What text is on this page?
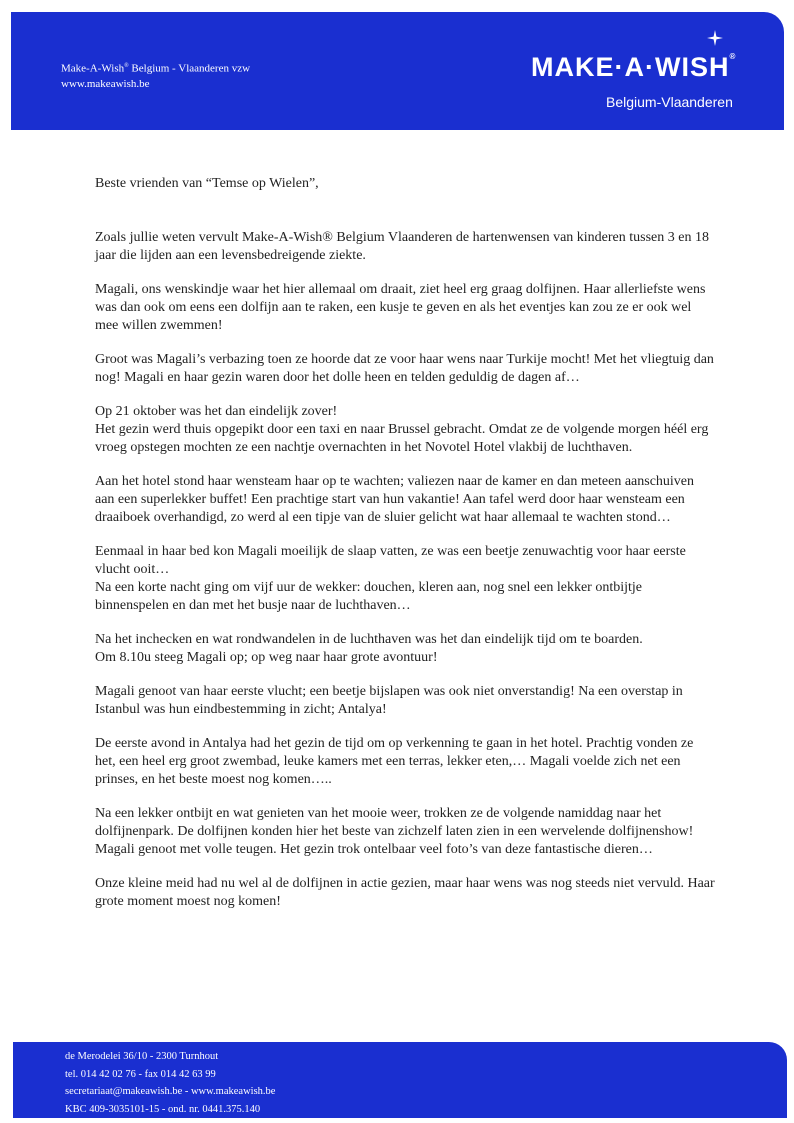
Make-A-Wish® Belgium - Vlaanderen vzw
www.makeawish.be
MAKE·A·WISH®
Belgium-Vlaanderen

Beste vrienden van “Temse op Wielen”,

Zoals jullie weten vervult Make-A-Wish® Belgium Vlaanderen de hartenwensen van kinderen tussen 3 en 18 jaar die lijden aan een levensbedreigende ziekte.

Magali, ons wenskindje waar het hier allemaal om draait, ziet heel erg graag dolfijnen. Haar allerliefste wens was dan ook om eens een dolfijn aan te raken, een kusje te geven en als het eventjes kan zou ze er ook wel mee willen zwemmen!

Groot was Magali’s verbazing toen ze hoorde dat ze voor haar wens naar Turkije mocht! Met het vliegtuig dan nog! Magali en haar gezin waren door het dolle heen en telden geduldig de dagen af…

Op 21 oktober was het dan eindelijk zover!
Het gezin werd thuis opgepikt door een taxi en naar Brussel gebracht. Omdat ze de volgende morgen héél erg vroeg opstegen mochten ze een nachtje overnachten in het Novotel Hotel vlakbij de luchthaven.

Aan het hotel stond haar wensteam haar op te wachten; valiezen naar de kamer en dan meteen aanschuiven aan een superlekker buffet! Een prachtige start van hun vakantie! Aan tafel werd door haar wensteam een draaiboek overhandigd, zo werd al een tipje van de sluier gelicht wat haar allemaal te wachten stond…

Eenmaal in haar bed kon Magali moeilijk de slaap vatten, ze was een beetje zenuwachtig voor haar eerste vlucht ooit…
Na een korte nacht ging om vijf uur de wekker: douchen, kleren aan, nog snel een lekker ontbijtje binnenspelen en dan met het busje naar de luchthaven…

Na het inchecken en wat rondwandelen in de luchthaven was het dan eindelijk tijd om te boarden.
Om 8.10u steeg Magali op; op weg naar haar grote avontuur!

Magali genoot van haar eerste vlucht; een beetje bijslapen was ook niet onverstandig! Na een overstap in Istanbul was hun eindbestemming in zicht; Antalya!

De eerste avond in Antalya had het gezin de tijd om op verkenning te gaan in het hotel. Prachtig vonden ze het, een heel erg groot zwembad, leuke kamers met een terras, lekker eten,… Magali voelde zich net een prinses, en het beste moest nog komen…..

Na een lekker ontbijt en wat genieten van het mooie weer, trokken ze de volgende namiddag naar het dolfijnenpark. De dolfijnen konden hier het beste van zichzelf laten zien in een wervelende dolfijnenshow! Magali genoot met volle teugen. Het gezin trok ontelbaar veel foto’s van deze fantastische dieren…

Onze kleine meid had nu wel al de dolfijnen in actie gezien, maar haar wens was nog steeds niet vervuld. Haar grote moment moest nog komen!

de Merodelei 36/10 - 2300 Turnhout
tel. 014 42 02 76 - fax 014 42 63 99
secretariaat@makeawish.be - www.makeawish.be
KBC 409-3035101-15 - ond. nr. 0441.375.140
